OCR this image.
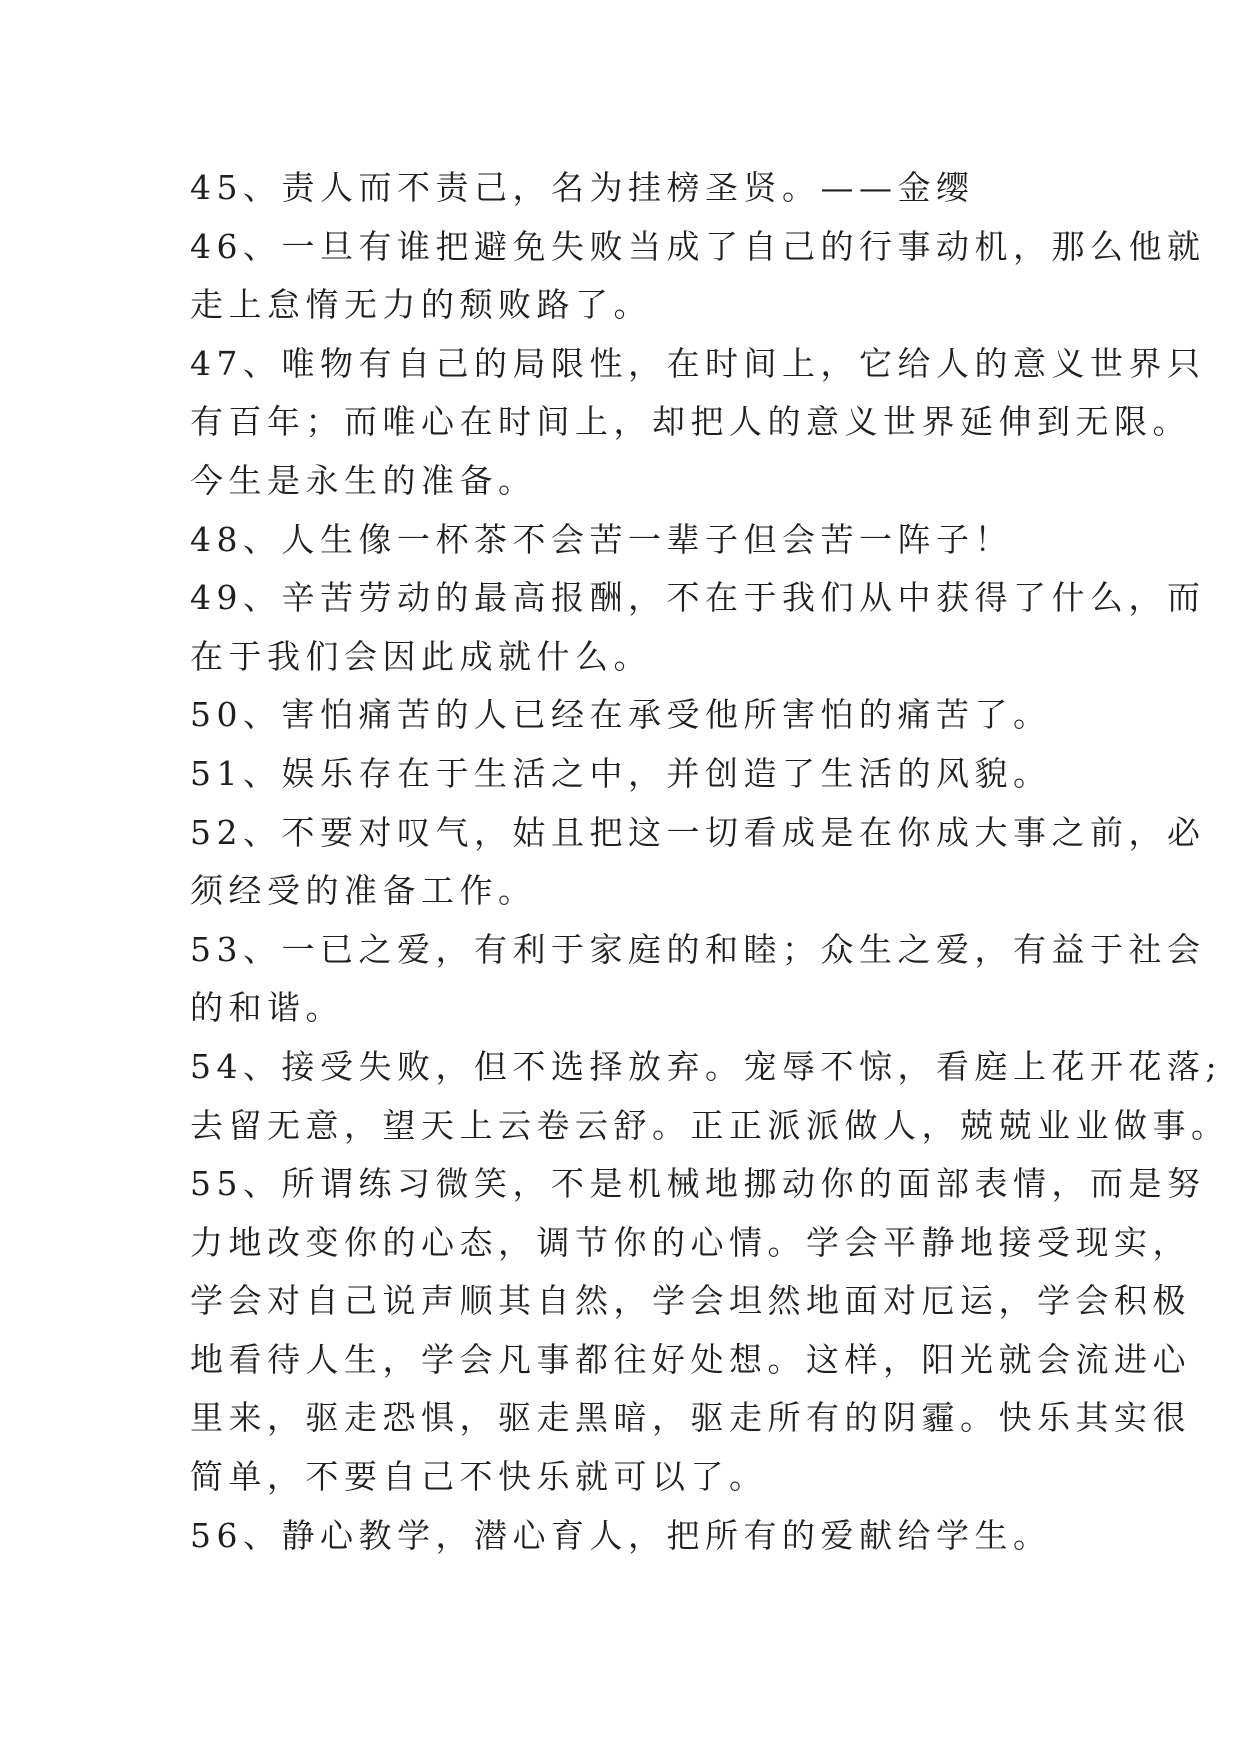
45、责人而不责己，名为挂榜圣贤。——金缨
46、一旦有谁把避免失败当成了自己的行事动机，那么他就
走上怠惰无力的颓败路了。
47、唯物有自己的局限性，在时间上，它给人的意义世界只
有百年；而唯心在时间上，却把人的意义世界延伸到无限。
今生是永生的准备。
48、人生像一杯茶不会苦一辈子但会苦一阵子！
49、辛苦劳动的最高报酬，不在于我们从中获得了什么，而
在于我们会因此成就什么。
50、害怕痛苦的人已经在承受他所害怕的痛苦了。
51、娱乐存在于生活之中，并创造了生活的风貌。
52、不要对叹气，姑且把这一切看成是在你成大事之前，必
须经受的准备工作。
53、一已之爱，有利于家庭的和睦；众生之爱，有益于社会
的和谐。
54、接受失败，但不选择放弃。宠辱不惊，看庭上花开花落;
去留无意，望天上云卷云舒。正正派派做人，兢兢业业做事。
55、所谓练习微笑，不是机械地挪动你的面部表情，而是努
力地改变你的心态，调节你的心情。学会平静地接受现实，
学会对自己说声顺其自然，学会坦然地面对厄运，学会积极
地看待人生，学会凡事都往好处想。这样，阳光就会流进心
里来，驱走恐惧，驱走黑暗，驱走所有的阴霾。快乐其实很
简单，不要自己不快乐就可以了。
56、静心教学，潜心育人，把所有的爱献给学生。
